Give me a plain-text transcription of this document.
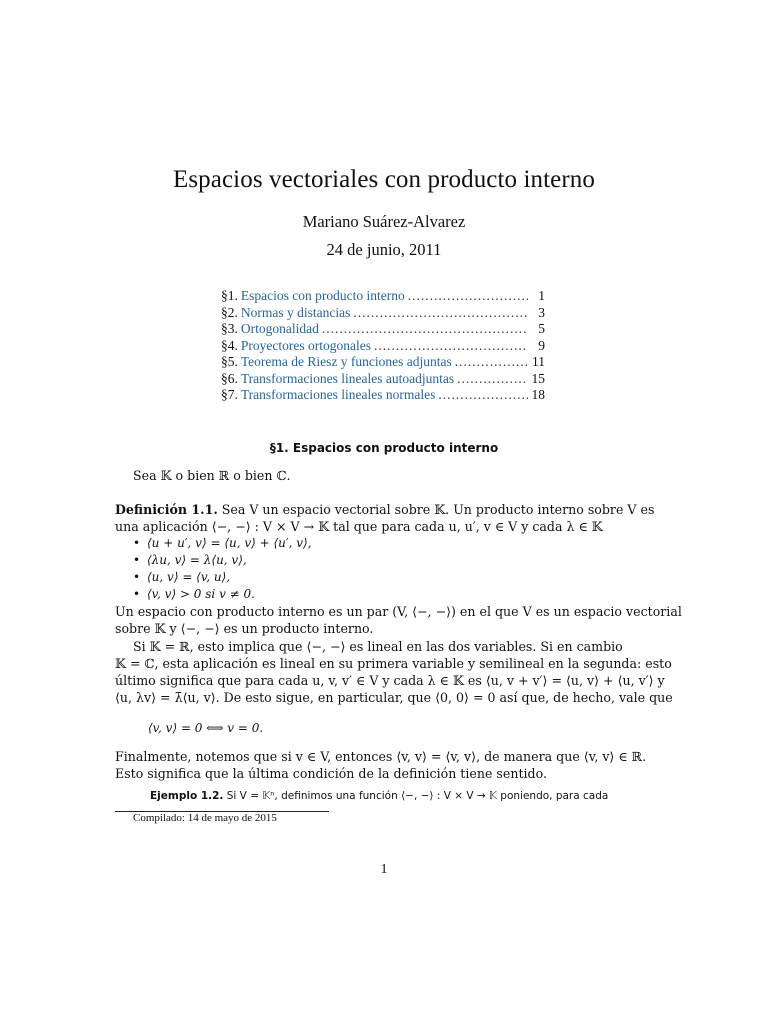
Espacios vectoriales con producto interno
Mariano Suárez-Alvarez
24 de junio, 2011
§1. Espacios con producto interno .....	1
§2. Normas y distancias .....	3
§3. Ortogonalidad .....	5
§4. Proyectores ortogonales .....	9
§5. Teorema de Riesz y funciones adjuntas .....	11
§6. Transformaciones lineales autoadjuntas .....	15
§7. Transformaciones lineales normales .....	18
§1. Espacios con producto interno
Sea 𝕂 o bien ℝ o bien ℂ.
Definición 1.1. Sea V un espacio vectorial sobre 𝕂. Un producto interno sobre V es
una aplicación ⟨−, −⟩ : V × V → 𝕂 tal que para cada u, u′, v ∈ V y cada λ ∈ 𝕂
• ⟨u + u′, v⟩ = ⟨u, v⟩ + ⟨u′, v⟩,
• ⟨λu, v⟩ = λ⟨u, v⟩,
• ⟨u, v⟩ = ⟨v, u⟩,
• ⟨v, v⟩ > 0 si v ≠ 0.
Un espacio con producto interno es un par (V, ⟨−, −⟩) en el que V es un espacio vectorial
sobre 𝕂 y ⟨−, −⟩ es un producto interno.
Si 𝕂 = ℝ, esto implica que ⟨−, −⟩ es lineal en las dos variables. Si en cambio
𝕂 = ℂ, esta aplicación es lineal en su primera variable y semilineal en la segunda: esto
último significa que para cada u, v, v′ ∈ V y cada λ ∈ 𝕂 es ⟨u, v + v′⟩ = ⟨u, v⟩ + ⟨u, v′⟩ y
⟨u, λv⟩ = λ̄⟨u, v⟩. De esto sigue, en particular, que ⟨0, 0⟩ = 0 así que, de hecho, vale que
⟨v, v⟩ = 0 ⟺ v = 0.
Finalmente, notemos que si v ∈ V, entonces ⟨v, v⟩ = ⟨v, v⟩, de manera que ⟨v, v⟩ ∈ ℝ.
Esto significa que la última condición de la definición tiene sentido.
Ejemplo 1.2. Si V = 𝕂ⁿ, definimos una función ⟨−, −⟩ : V × V → 𝕂 poniendo, para cada
Compilado: 14 de mayo de 2015
1
